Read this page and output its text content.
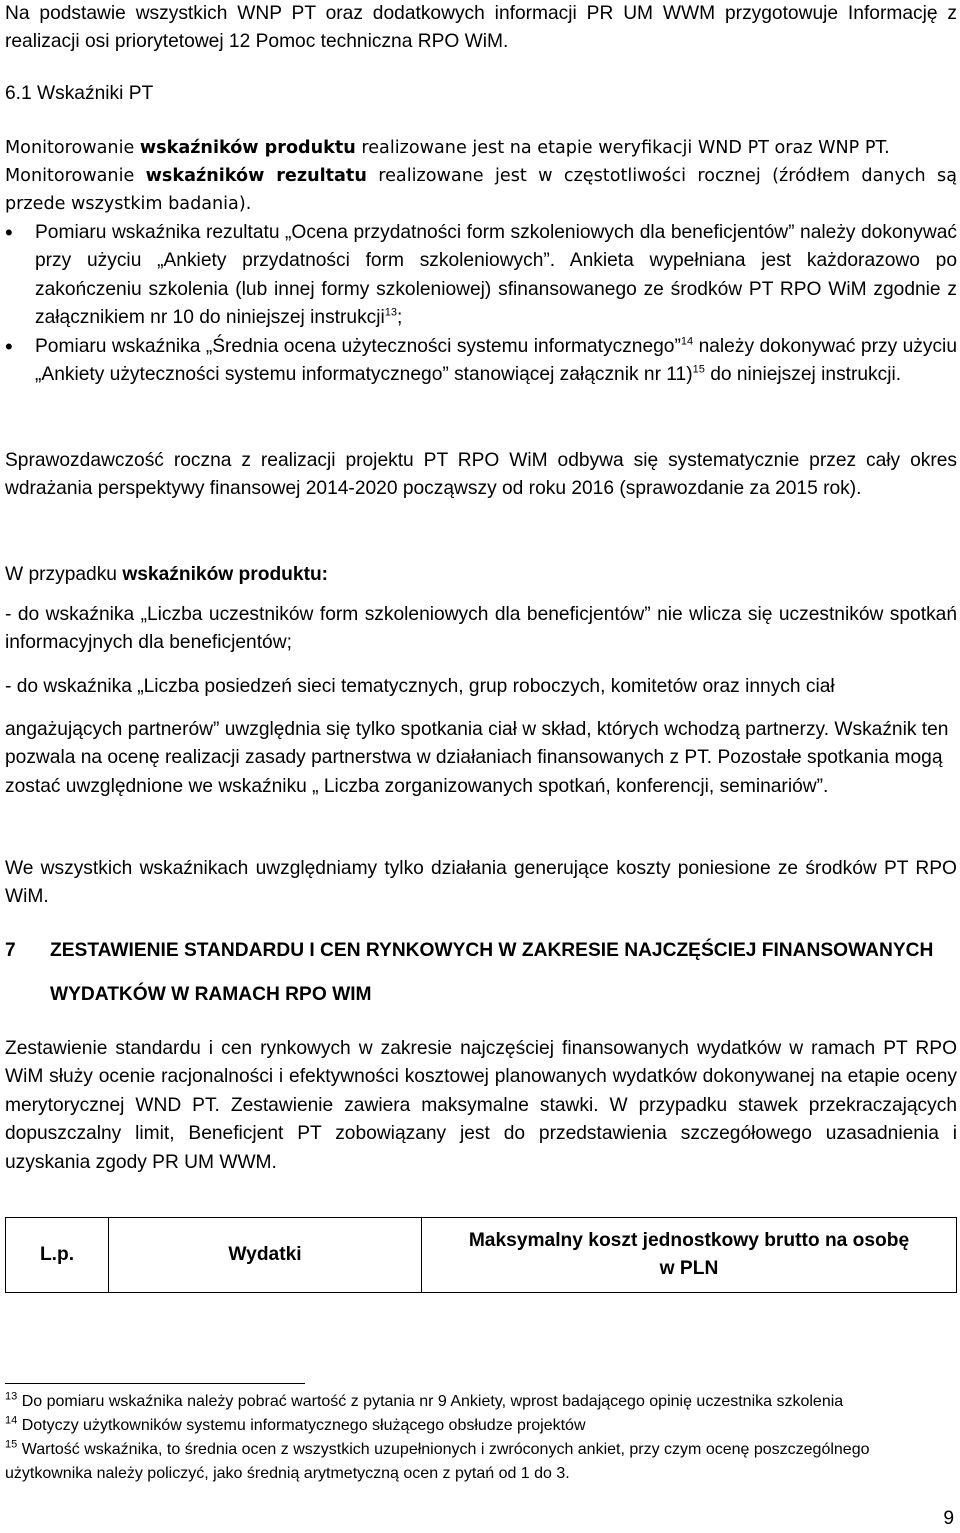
Na podstawie wszystkich WNP PT oraz dodatkowych informacji PR UM WWM przygotowuje Informację z realizacji osi priorytetowej 12 Pomoc techniczna RPO WiM.

6.1 Wskaźniki PT

Monitorowanie wskaźników produktu realizowane jest na etapie weryfikacji WND PT oraz WNP PT.

Monitorowanie wskaźników rezultatu realizowane jest w częstotliwości rocznej (źródłem danych są przede wszystkim badania).

• Pomiaru wskaźnika rezultatu „Ocena przydatności form szkoleniowych dla beneficjentów” należy dokonywać przy użyciu „Ankiety przydatności form szkoleniowych”. Ankieta wypełniana jest każdorazowo po zakończeniu szkolenia (lub innej formy szkoleniowej) sfinansowanego ze środków PT RPO WiM zgodnie z załącznikiem nr 10 do niniejszej instrukcji$^{13}$;
• Pomiaru wskaźnika „Średnia ocena użyteczności systemu informatycznego”$^{14}$ należy dokonywać przy użyciu „Ankiety użyteczności systemu informatycznego” stanowiącej załącznik nr 11)$^{15}$ do niniejszej instrukcji.

Sprawozdawczość roczna z realizacji projektu PT RPO WiM odbywa się systematycznie przez cały okres wdrażania perspektywy finansowej 2014-2020 począwszy od roku 2016 (sprawozdanie za 2015 rok).

W przypadku wskaźników produktu:

- do wskaźnika „Liczba uczestników form szkoleniowych dla beneficjentów” nie wlicza się uczestników spotkań informacyjnych dla beneficjentów;

- do wskaźnika „Liczba posiedzeń sieci tematycznych, grup roboczych, komitetów oraz innych ciał

angażujących partnerów” uwzględnia się tylko spotkania ciał w skład, których wchodzą partnerzy. Wskaźnik ten pozwala na ocenę realizacji zasady partnerstwa w działaniach finansowanych z PT. Pozostałe spotkania mogą zostać uwzględnione we wskaźniku „ Liczba zorganizowanych spotkań, konferencji, seminariów”.

We wszystkich wskaźnikach uwzględniamy tylko działania generujące koszty poniesione ze środków PT RPO WiM.

7	ZESTAWIENIE STANDARDU I CEN RYNKOWYCH W ZAKRESIE NAJCZĘŚCIEJ FINANSOWANYCH
WYDATKÓW W RAMACH RPO WIM

Zestawienie standardu i cen rynkowych w zakresie najczęściej finansowanych wydatków w ramach PT RPO WiM służy ocenie racjonalności i efektywności kosztowej planowanych wydatków dokonywanej na etapie oceny merytorycznej WND PT. Zestawienie zawiera maksymalne stawki. W przypadku stawek przekraczających dopuszczalny limit, Beneficjent PT zobowiązany jest do przedstawienia szczegółowego uzasadnienia i uzyskania zgody PR UM WWM.

L.p.	Wydatki	Maksymalny koszt jednostkowy brutto na osobę
w PLN
$^{13}$ Do pomiaru wskaźnika należy pobrać wartość z pytania nr 9 Ankiety, wprost badającego opinię uczestnika szkolenia
$^{14}$ Dotyczy użytkowników systemu informatycznego służącego obsłudze projektów
$^{15}$ Wartość wskaźnika, to średnia ocen z wszystkich uzupełnionych i zwróconych ankiet, przy czym ocenę poszczególnego użytkownika należy policzyć, jako średnią arytmetyczną ocen z pytań od 1 do 3.
9
